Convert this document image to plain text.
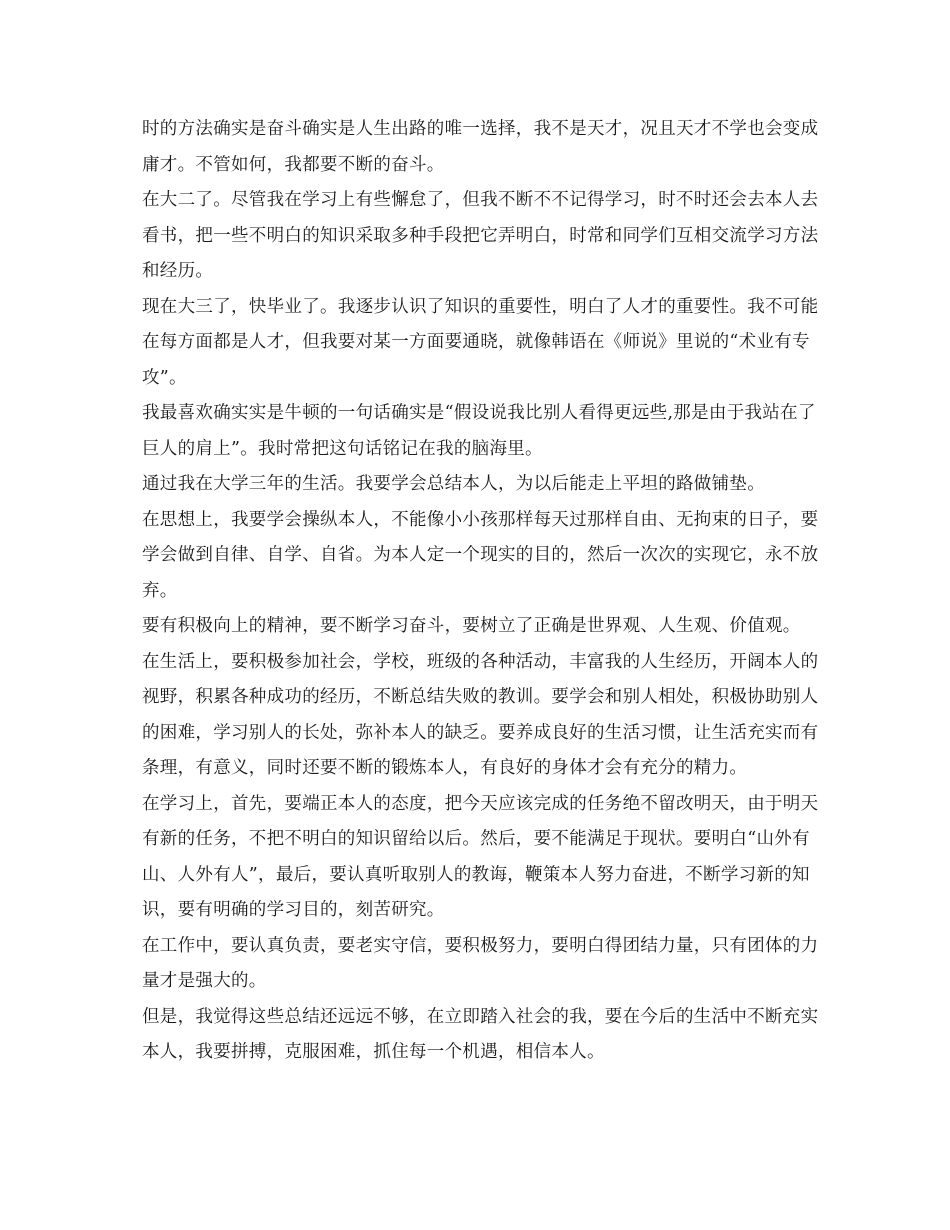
时的方法确实是奋斗确实是人生出路的唯一选择，我不是天才，况且天才不学也会变成庸才。不管如何，我都要不断的奋斗。

在大二了。尽管我在学习上有些懈怠了，但我不断不不记得学习，时不时还会去本人去看书，把一些不明白的知识采取多种手段把它弄明白，时常和同学们互相交流学习方法和经历。

现在大三了，快毕业了。我逐步认识了知识的重要性，明白了人才的重要性。我不可能在每方面都是人才，但我要对某一方面要通晓，就像韩语在《师说》里说的“术业有专攻”。

我最喜欢确实实是牛顿的一句话确实是“假设说我比别人看得更远些,那是由于我站在了巨人的肩上”。我时常把这句话铭记在我的脑海里。

通过我在大学三年的生活。我要学会总结本人，为以后能走上平坦的路做铺垫。

在思想上，我要学会操纵本人，不能像小小孩那样每天过那样自由、无拘束的日子，要学会做到自律、自学、自省。为本人定一个现实的目的，然后一次次的实现它，永不放弃。

要有积极向上的精神，要不断学习奋斗，要树立了正确是世界观、人生观、价值观。

在生活上，要积极参加社会，学校，班级的各种活动，丰富我的人生经历，开阔本人的视野，积累各种成功的经历，不断总结失败的教训。要学会和别人相处，积极协助别人的困难，学习别人的长处，弥补本人的缺乏。要养成良好的生活习惯，让生活充实而有条理，有意义，同时还要不断的锻炼本人，有良好的身体才会有充分的精力。

在学习上，首先，要端正本人的态度，把今天应该完成的任务绝不留改明天，由于明天有新的任务，不把不明白的知识留给以后。然后，要不能满足于现状。要明白“山外有山、人外有人”，最后，要认真听取别人的教诲，鞭策本人努力奋进，不断学习新的知识，要有明确的学习目的，刻苦研究。

在工作中，要认真负责，要老实守信，要积极努力，要明白得团结力量，只有团体的力量才是强大的。

但是，我觉得这些总结还远远不够，在立即踏入社会的我，要在今后的生活中不断充实本人，我要拼搏，克服困难，抓住每一个机遇，相信本人。
